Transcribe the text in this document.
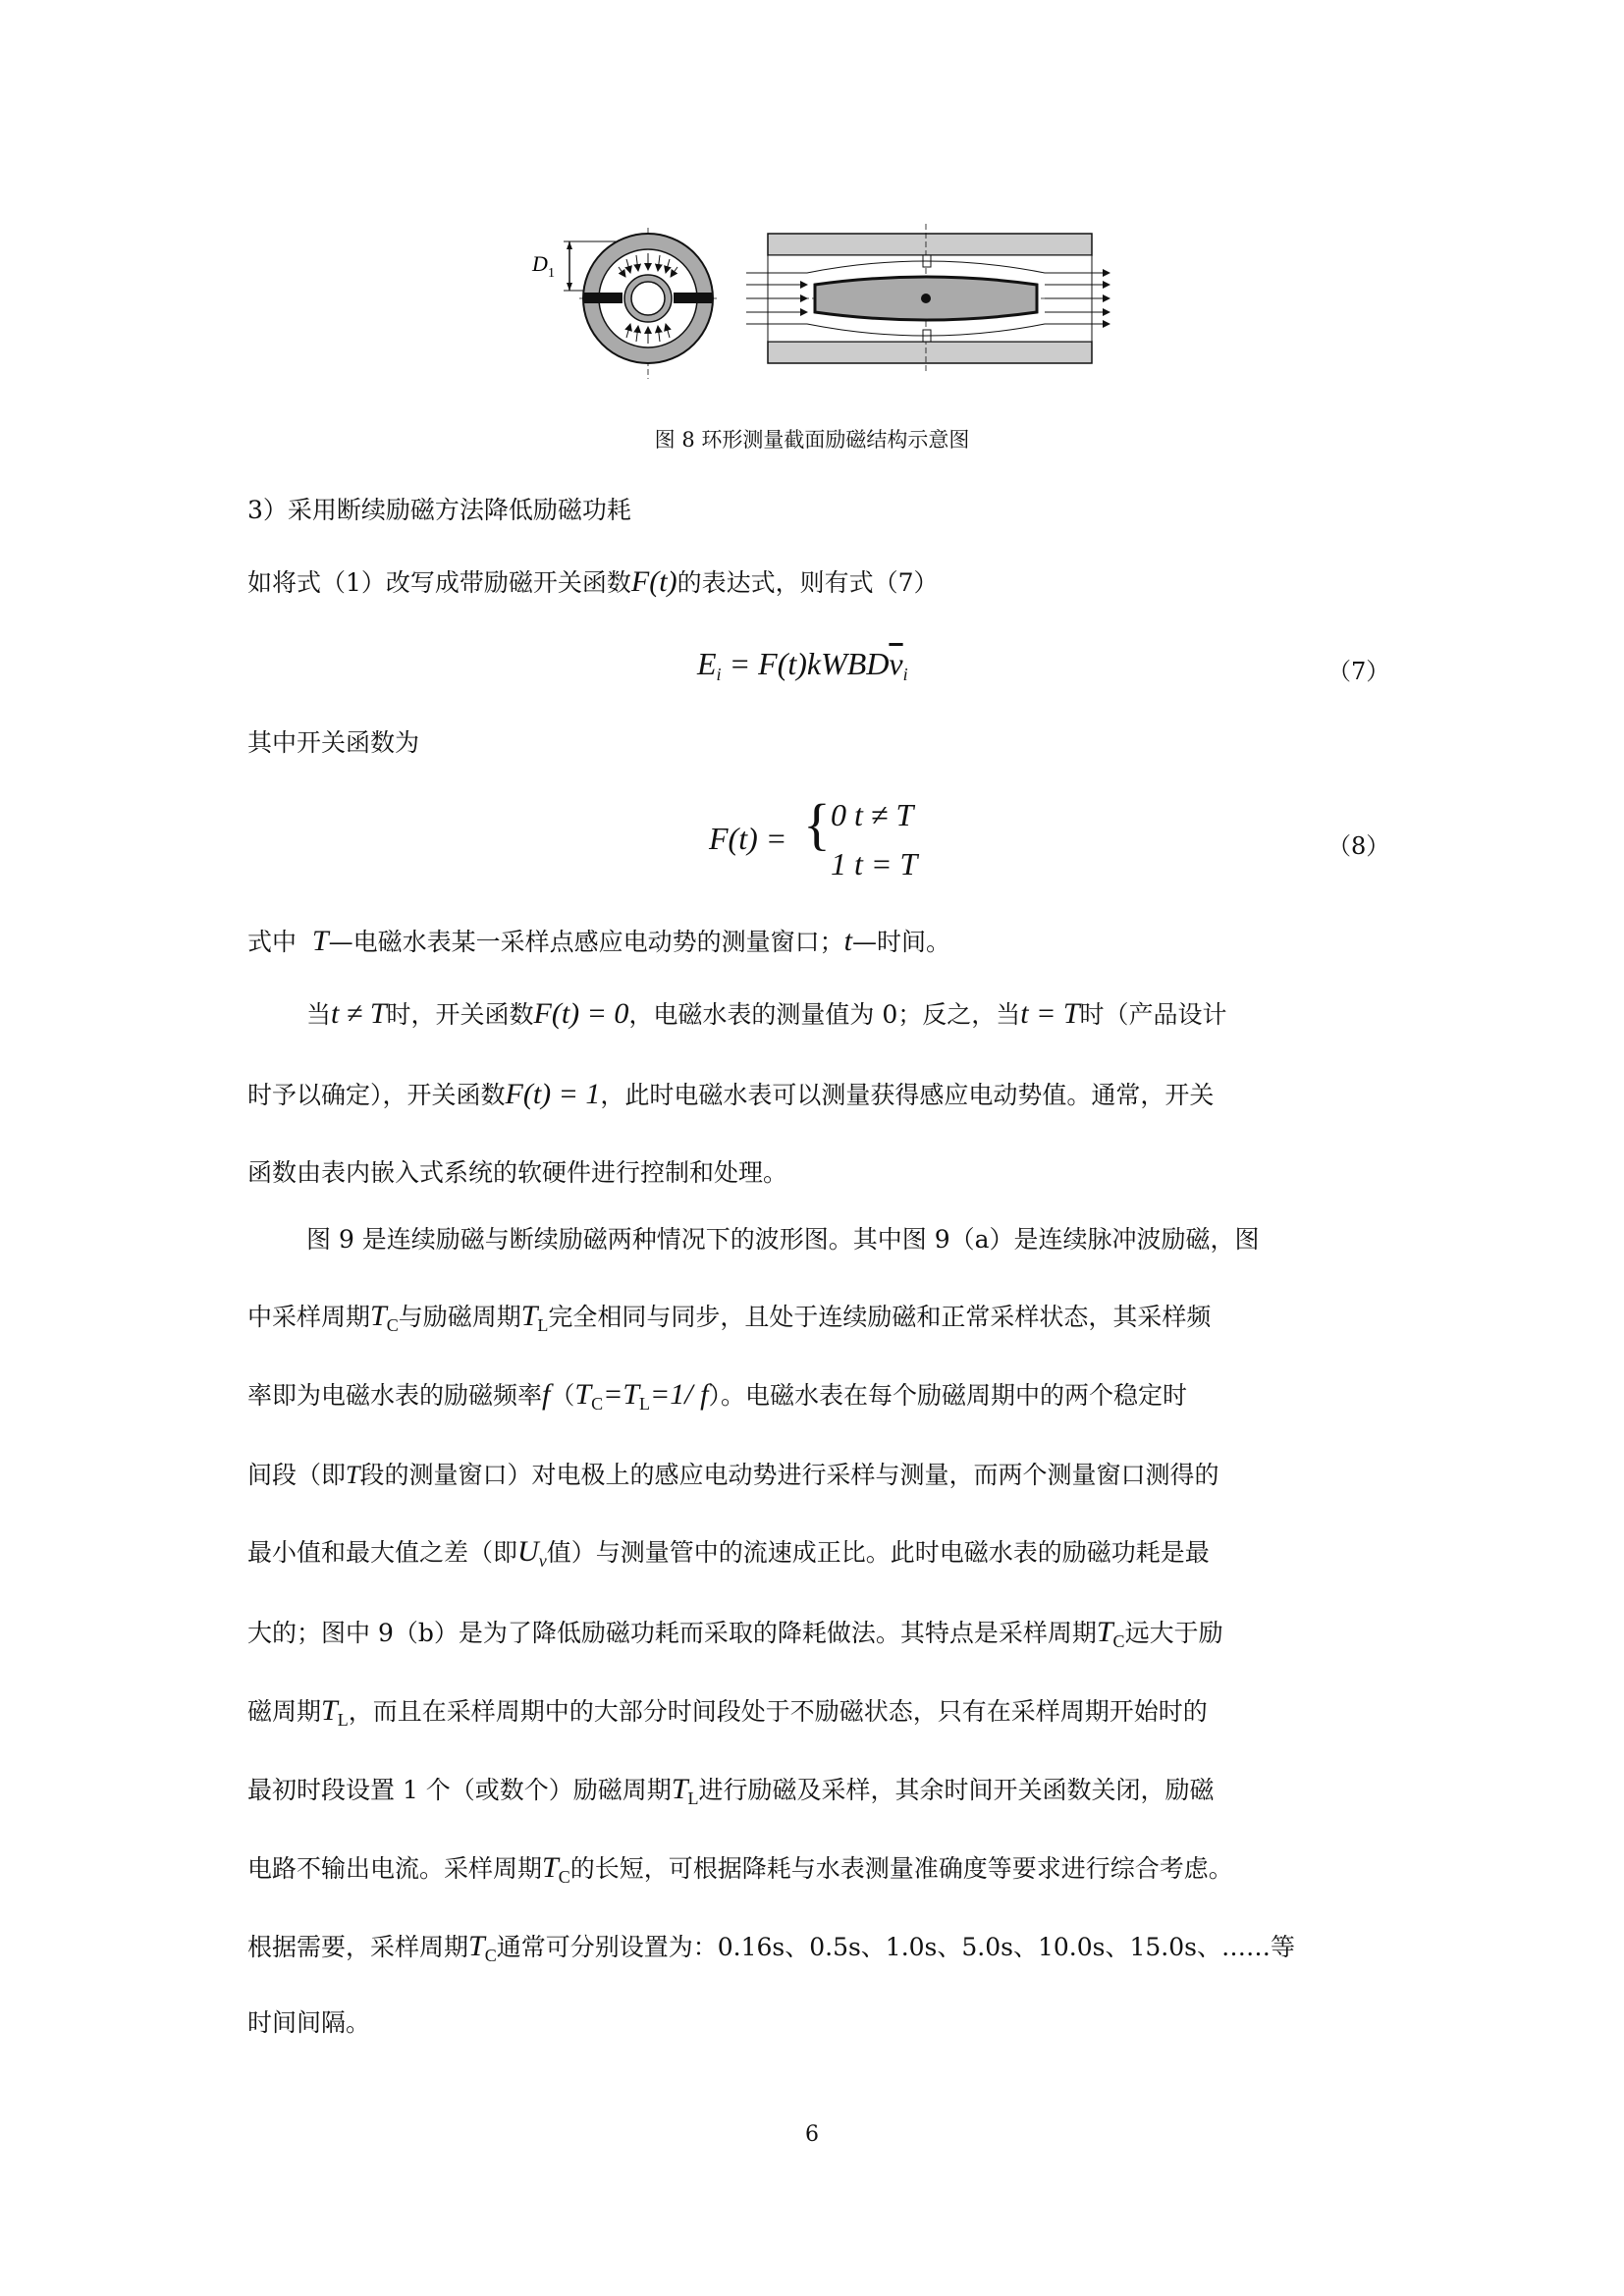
D 1
图 8 环形测量截面励磁结构示意图
3）采用断续励磁方法降低励磁功耗
如将式（1）改写成带励磁开关函数F(t)的表达式，则有式（7）
$E_i$ = $F(t)kWBD\overline{v}_i$	（7）
其中开关函数为
F(t) = { 0 t ≠ T
1 t = T	（8）
式中 T—电磁水表某一采样点感应电动势的测量窗口；t—时间。
当t ≠ T时，开关函数F(t) = 0，电磁水表的测量值为 0；反之，当t = T时（产品设计
时予以确定），开关函数F(t) = 1，此时电磁水表可以测量获得感应电动势值。通常，开关
函数由表内嵌入式系统的软硬件进行控制和处理。
图 9 是连续励磁与断续励磁两种情况下的波形图。其中图 9（a）是连续脉冲波励磁，图
中采样周期$T_C$与励磁周期$T_L$完全相同与同步，且处于连续励磁和正常采样状态，其采样频
率即为电磁水表的励磁频率$f(T_C=T_L=1/$ f）。电磁水表在每个励磁周期中的两个稳定时
间段（即T段的测量窗口）对电极上的感应电动势进行采样与测量，而两个测量窗口测得的
最小值和最大值之差（即$U_v$值）与测量管中的流速成正比。此时电磁水表的励磁功耗是最
大的；图中 9（b）是为了降低励磁功耗而采取的降耗做法。其特点是采样周期$T_C$远大于励
磁周期$T_L$，而且在采样周期中的大部分时间段处于不励磁状态，只有在采样周期开始时的
最初时段设置 1 个（或数个）励磁周期$T_L$进行励磁及采样，其余时间开关函数关闭，励磁
电路不输出电流。采样周期$T_C$的长短，可根据降耗与水表测量准确度等要求进行综合考虑。
根据需要，采样周期$T_C$通常可分别设置为：0.16s、0.5s、1.0s、5.0s、10.0s、15.0s、……等
时间间隔。
6
